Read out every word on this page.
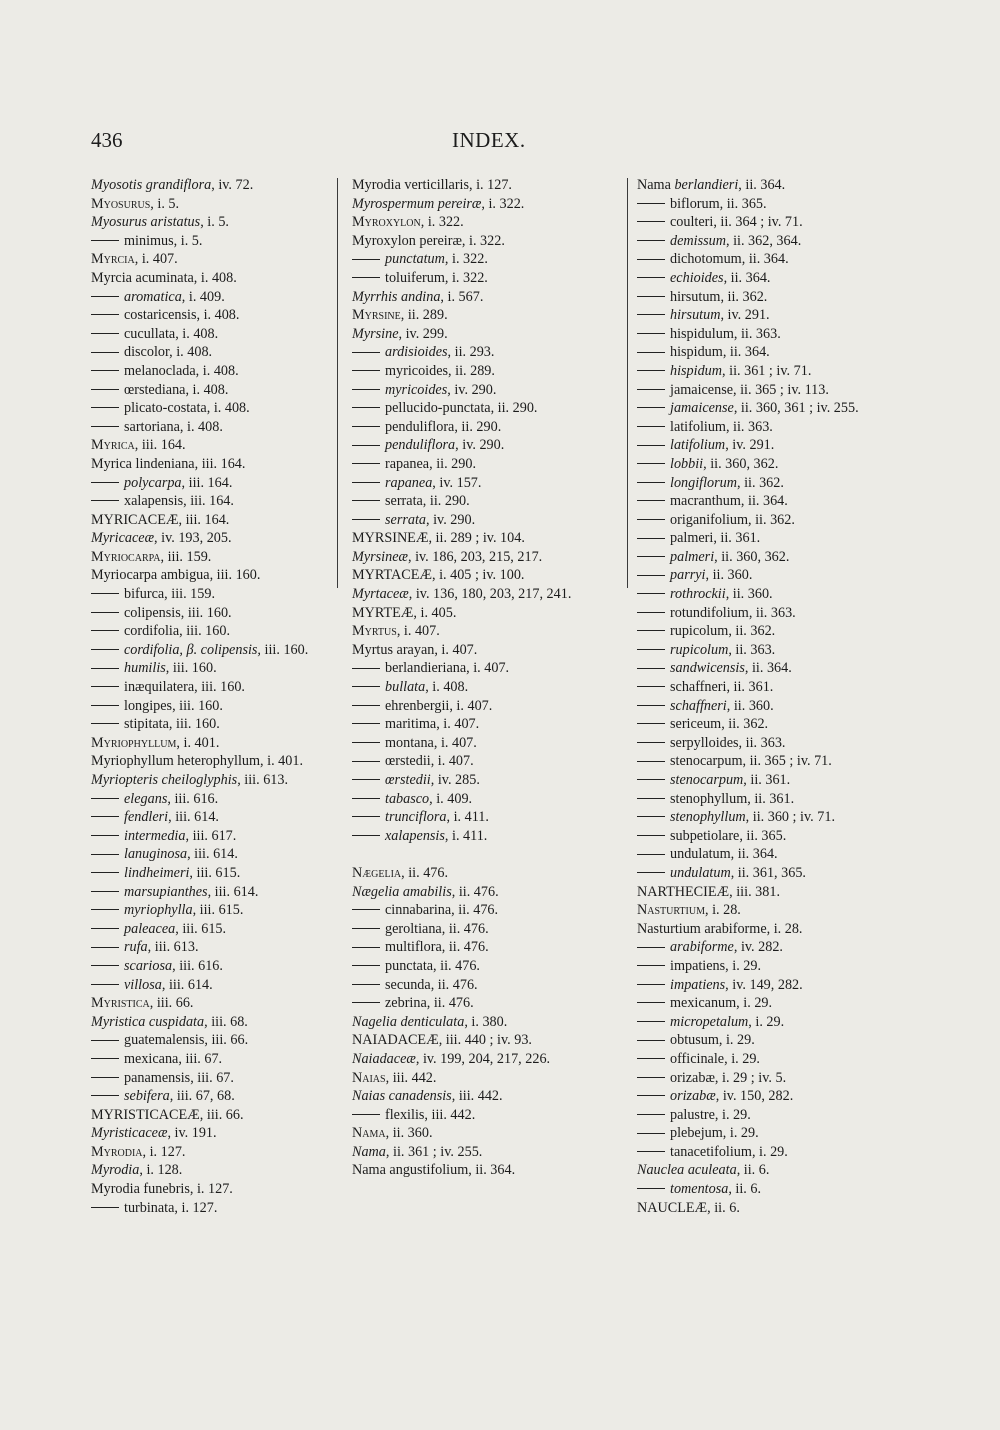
436	INDEX.
Myosotis grandiflora, iv. 72.
Myosurus, i. 5.
Myosurus aristatus, i. 5.
minimus, i. 5.
Myrcia, i. 407.
Myrcia acuminata, i. 408.
aromatica, i. 409.
costaricensis, i. 408.
cucullata, i. 408.
discolor, i. 408.
melanoclada, i. 408.
œrstediana, i. 408.
plicato-costata, i. 408.
sartoriana, i. 408.
Myrica, iii. 164.
Myrica lindeniana, iii. 164.
polycarpa, iii. 164.
xalapensis, iii. 164.
MYRICACEÆ, iii. 164.
Myricaceæ, iv. 193, 205.
Myriocarpa, iii. 159.
Myriocarpa ambigua, iii. 160.
bifurca, iii. 159.
colipensis, iii. 160.
cordifolia, iii. 160.
cordifolia, β. colipensis, iii. 160.
humilis, iii. 160.
inæquilatera, iii. 160.
longipes, iii. 160.
stipitata, iii. 160.
Myriophyllum, i. 401.
Myriophyllum heterophyllum, i. 401.
Myriopteris cheiloglyphis, iii. 613.
elegans, iii. 616.
fendleri, iii. 614.
intermedia, iii. 617.
lanuginosa, iii. 614.
lindheimeri, iii. 615.
marsupianthes, iii. 614.
myriophylla, iii. 615.
paleacea, iii. 615.
rufa, iii. 613.
scariosa, iii. 616.
villosa, iii. 614.
Myristica, iii. 66.
Myristica cuspidata, iii. 68.
guatemalensis, iii. 66.
mexicana, iii. 67.
panamensis, iii. 67.
sebifera, iii. 67, 68.
MYRISTICACEÆ, iii. 66.
Myristicaceæ, iv. 191.
Myrodia, i. 127.
Myrodia, i. 128.
Myrodia funebris, i. 127.
turbinata, i. 127.
Myrodia verticillaris, i. 127.
Myrospermum pereiræ, i. 322.
Myroxylon, i. 322.
Myroxylon pereiræ, i. 322.
punctatum, i. 322.
toluiferum, i. 322.
Myrrhis andina, i. 567.
Myrsine, ii. 289.
Myrsine, iv. 299.
ardisioides, ii. 293.
myricoides, ii. 289.
myricoides, iv. 290.
pellucido-punctata, ii. 290.
penduliflora, ii. 290.
penduliflora, iv. 290.
rapanea, ii. 290.
rapanea, iv. 157.
serrata, ii. 290.
serrata, iv. 290.
MYRSINEÆ, ii. 289 ; iv. 104.
Myrsineæ, iv. 186, 203, 215, 217.
MYRTACEÆ, i. 405 ; iv. 100.
Myrtaceæ, iv. 136, 180, 203, 217, 241.
MYRTEÆ, i. 405.
Myrtus, i. 407.
Myrtus arayan, i. 407.
berlandieriana, i. 407.
bullata, i. 408.
ehrenbergii, i. 407.
maritima, i. 407.
montana, i. 407.
œrstedii, i. 407.
œrstedii, iv. 285.
tabasco, i. 409.
trunciflora, i. 411.
xalapensis, i. 411.
Nægelia, ii. 476.
Nægelia amabilis, ii. 476.
cinnabarina, ii. 476.
geroltiana, ii. 476.
multiflora, ii. 476.
punctata, ii. 476.
secunda, ii. 476.
zebrina, ii. 476.
Nagelia denticulata, i. 380.
NAIADACEÆ, iii. 440 ; iv. 93.
Naiadaceæ, iv. 199, 204, 217, 226.
Naias, iii. 442.
Naias canadensis, iii. 442.
flexilis, iii. 442.
Nama, ii. 360.
Nama, ii. 361 ; iv. 255.
Nama angustifolium, ii. 364.
Nama berlandieri, ii. 364.
biflorum, ii. 365.
coulteri, ii. 364 ; iv. 71.
demissum, ii. 362, 364.
dichotomum, ii. 364.
echioides, ii. 364.
hirsutum, ii. 362.
hirsutum, iv. 291.
hispidulum, ii. 363.
hispidum, ii. 364.
hispidum, ii. 361 ; iv. 71.
jamaicense, ii. 365 ; iv. 113.
jamaicense, ii. 360, 361 ; iv. 255.
latifolium, ii. 363.
latifolium, iv. 291.
lobbii, ii. 360, 362.
longiflorum, ii. 362.
macranthum, ii. 364.
origanifolium, ii. 362.
palmeri, ii. 361.
palmeri, ii. 360, 362.
parryi, ii. 360.
rothrockii, ii. 360.
rotundifolium, ii. 363.
rupicolum, ii. 362.
rupicolum, ii. 363.
sandwicensis, ii. 364.
schaffneri, ii. 361.
schaffneri, ii. 360.
sericeum, ii. 362.
serpylloides, ii. 363.
stenocarpum, ii. 365 ; iv. 71.
stenocarpum, ii. 361.
stenophyllum, ii. 361.
stenophyllum, ii. 360 ; iv. 71.
subpetiolare, ii. 365.
undulatum, ii. 364.
undulatum, ii. 361, 365.
NARTHECIEÆ, iii. 381.
Nasturtium, i. 28.
Nasturtium arabiforme, i. 28.
arabiforme, iv. 282.
impatiens, i. 29.
impatiens, iv. 149, 282.
mexicanum, i. 29.
micropetalum, i. 29.
obtusum, i. 29.
officinale, i. 29.
orizabæ, i. 29 ; iv. 5.
orizabæ, iv. 150, 282.
palustre, i. 29.
plebejum, i. 29.
tanacetifolium, i. 29.
Nauclea aculeata, ii. 6.
tomentosa, ii. 6.
NAUCLEÆ, ii. 6.
